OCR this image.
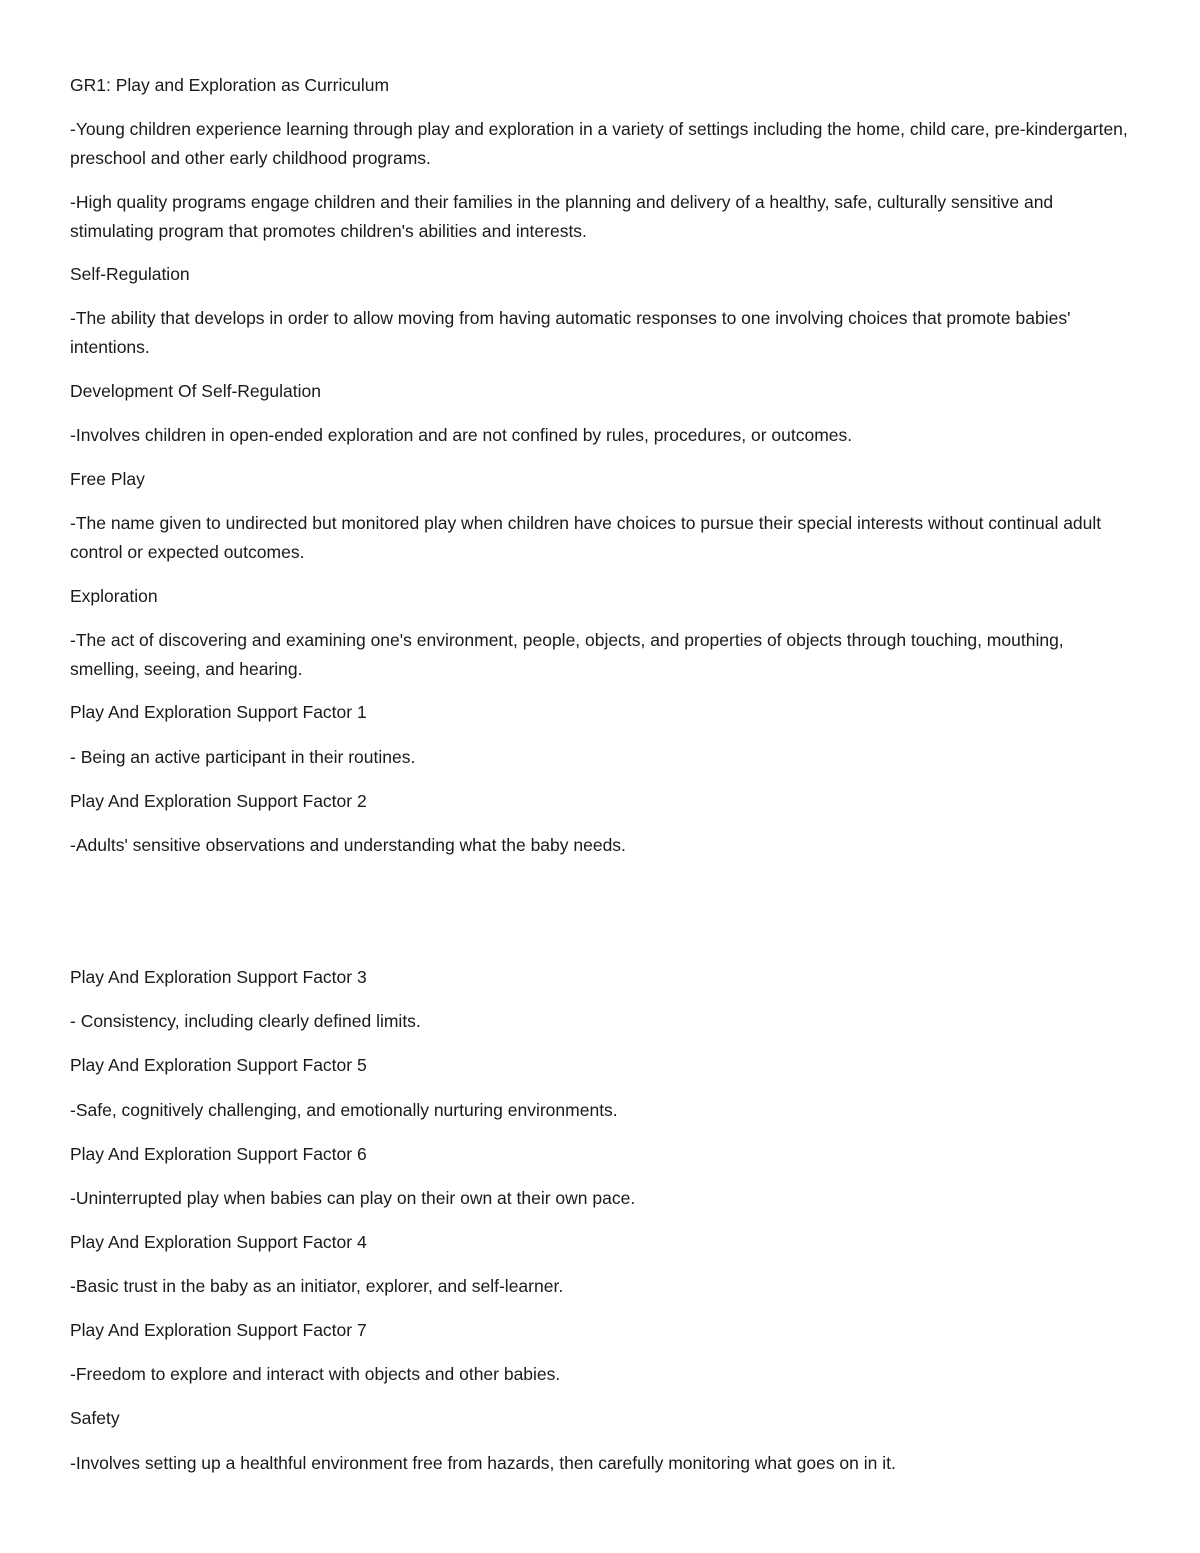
GR1: Play and Exploration as Curriculum
-Young children experience learning through play and exploration in a variety of settings including the home, child care, pre-kindergarten, preschool and other early childhood programs.
-High quality programs engage children and their families in the planning and delivery of a healthy, safe, culturally sensitive and stimulating program that promotes children's abilities and interests.
Self-Regulation
-The ability that develops in order to allow moving from having automatic responses to one involving choices that promote babies' intentions.
Development Of Self-Regulation
-Involves children in open-ended exploration and are not confined by rules, procedures, or outcomes.
Free Play
-The name given to undirected but monitored play when children have choices to pursue their special interests without continual adult control or expected outcomes.
Exploration
-The act of discovering and examining one's environment, people, objects, and properties of objects through touching, mouthing, smelling, seeing, and hearing.
Play And Exploration Support Factor 1
- Being an active participant in their routines.
Play And Exploration Support Factor 2
-Adults' sensitive observations and understanding what the baby needs.
Play And Exploration Support Factor 3
- Consistency, including clearly defined limits.
Play And Exploration Support Factor 5
-Safe, cognitively challenging, and emotionally nurturing environments.
Play And Exploration Support Factor 6
-Uninterrupted play when babies can play on their own at their own pace.
Play And Exploration Support Factor 4
-Basic trust in the baby as an initiator, explorer, and self-learner.
Play And Exploration Support Factor 7
-Freedom to explore and interact with objects and other babies.
Safety
-Involves setting up a healthful environment free from hazards, then carefully monitoring what goes on in it.
